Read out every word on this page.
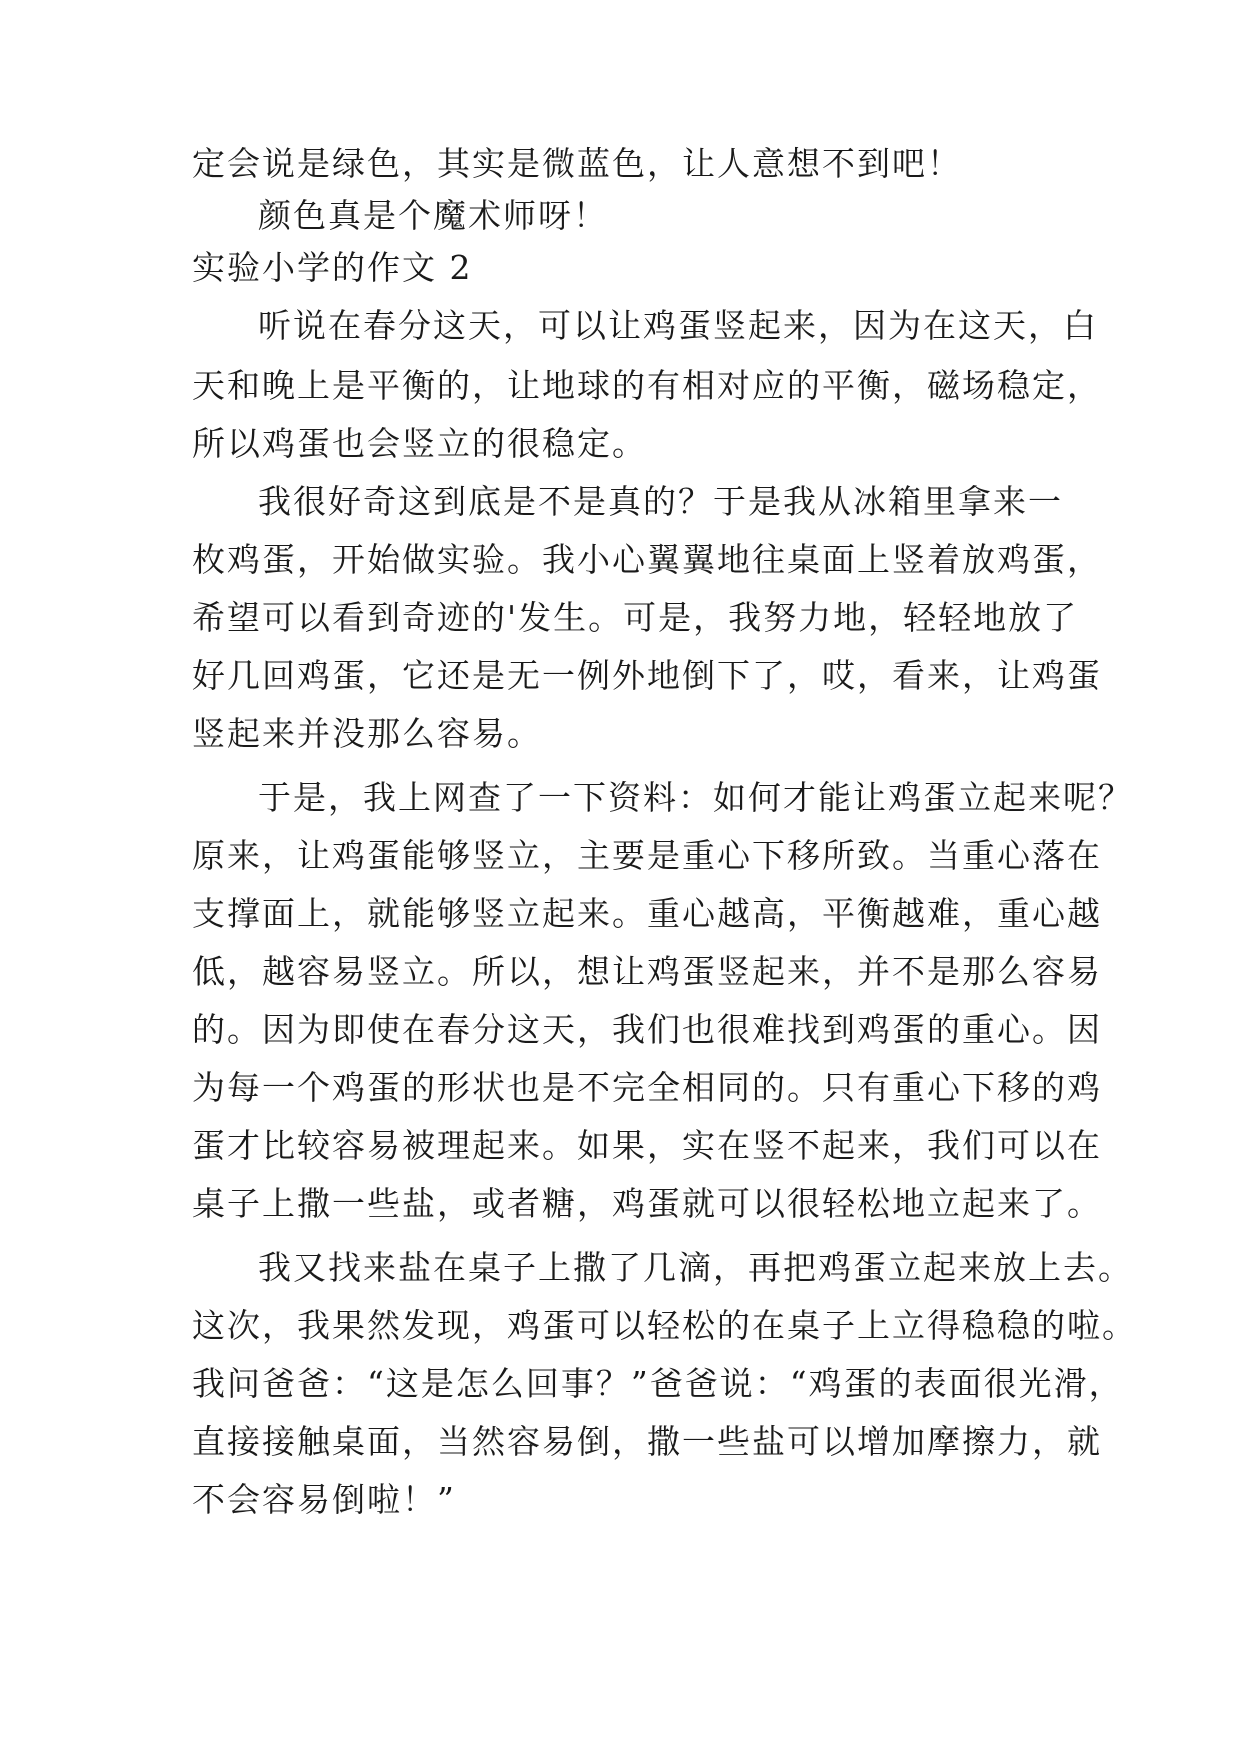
定会说是绿色，其实是微蓝色，让人意想不到吧！
颜色真是个魔术师呀！
实验小学的作文 2
听说在春分这天，可以让鸡蛋竖起来，因为在这天，白
天和晚上是平衡的，让地球的有相对应的平衡，磁场稳定，
所以鸡蛋也会竖立的很稳定。
我很好奇这到底是不是真的？于是我从冰箱里拿来一
枚鸡蛋，开始做实验。我小心翼翼地往桌面上竖着放鸡蛋，
希望可以看到奇迹的'发生。可是，我努力地，轻轻地放了
好几回鸡蛋，它还是无一例外地倒下了，哎，看来，让鸡蛋
竖起来并没那么容易。
于是，我上网查了一下资料：如何才能让鸡蛋立起来呢？
原来，让鸡蛋能够竖立，主要是重心下移所致。当重心落在
支撑面上，就能够竖立起来。重心越高，平衡越难，重心越
低，越容易竖立。所以，想让鸡蛋竖起来，并不是那么容易
的。因为即使在春分这天，我们也很难找到鸡蛋的重心。因
为每一个鸡蛋的形状也是不完全相同的。只有重心下移的鸡
蛋才比较容易被理起来。如果，实在竖不起来，我们可以在
桌子上撒一些盐，或者糖，鸡蛋就可以很轻松地立起来了。
我又找来盐在桌子上撒了几滴，再把鸡蛋立起来放上去。
这次，我果然发现，鸡蛋可以轻松的在桌子上立得稳稳的啦。
我问爸爸：“这是怎么回事？”爸爸说：“鸡蛋的表面很光滑，
直接接触桌面，当然容易倒，撒一些盐可以增加摩擦力，就
不会容易倒啦！”
